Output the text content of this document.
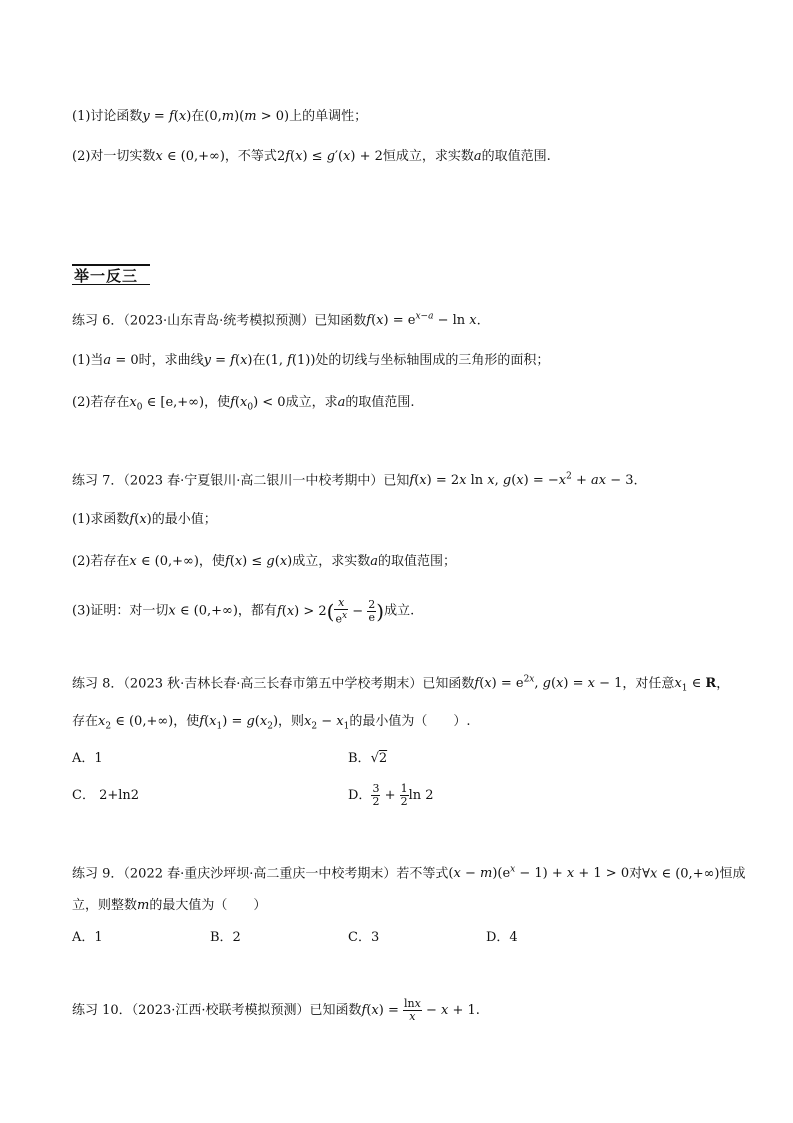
(1)讨论函数y = f(x)在(0,m)(m > 0)上的单调性；
(2)对一切实数x ∈ (0,+∞)，不等式2f(x) ≤ g′(x) + 2恒成立，求实数a的取值范围.
举一反三
练习 6．（2023·山东青岛·统考模拟预测）已知函数$f(x) = e^{x-a} - \ln x$.
(1)当a = 0时，求曲线y = f(x)在(1, f(1))处的切线与坐标轴围成的三角形的面积；
(2)若存在$x_0$ ∈ [e,+∞)，使$f(x_0) < 0$成立，求a的取值范围.
练习 7．（2023 春·宁夏银川·高二银川一中校考期中）已知f(x) = 2x ln x, $g(x) = -x^2$ + ax − 3.
(1)求函数f(x)的最小值；
(2)若存在x ∈ (0,+∞)，使f(x) ≤ g(x)成立，求实数a的取值范围；
(3)证明：对一切x ∈ (0,+∞)，都有$f(x) > 2( \frac{x}{e^x} - \frac{2}{e}$ )成立.
练习 8．（2023 秋·吉林长春·高三长春市第五中学校考期末）已知函数$f(x) = e^{2x}$, g(x) = x − 1，对任意$x_1$ ∈ R，
存在$x_2$ ∈ (0,+∞)，使$f(x_1) = g(x_2)$，则$x_2 - x_1$的最小值为（　　）.
A．1	B．√2
C． 2+ln2	D． $\frac{3}{2} + \frac{1}{2}$ ln 2
练习 9．（2022 春·重庆沙坪坝·高二重庆一中校考期末）若不等式$(x - m)(e^x - 1) + x + 1 > 0$对∀x ∈ (0,+∞)恒成
立，则整数m的最大值为（　　）
A．1	B．2	C．3	D．4
练习 10．（2023·江西·校联考模拟预测）已知函数$f(x) = \frac{\ln x}{x} - x + 1$.
